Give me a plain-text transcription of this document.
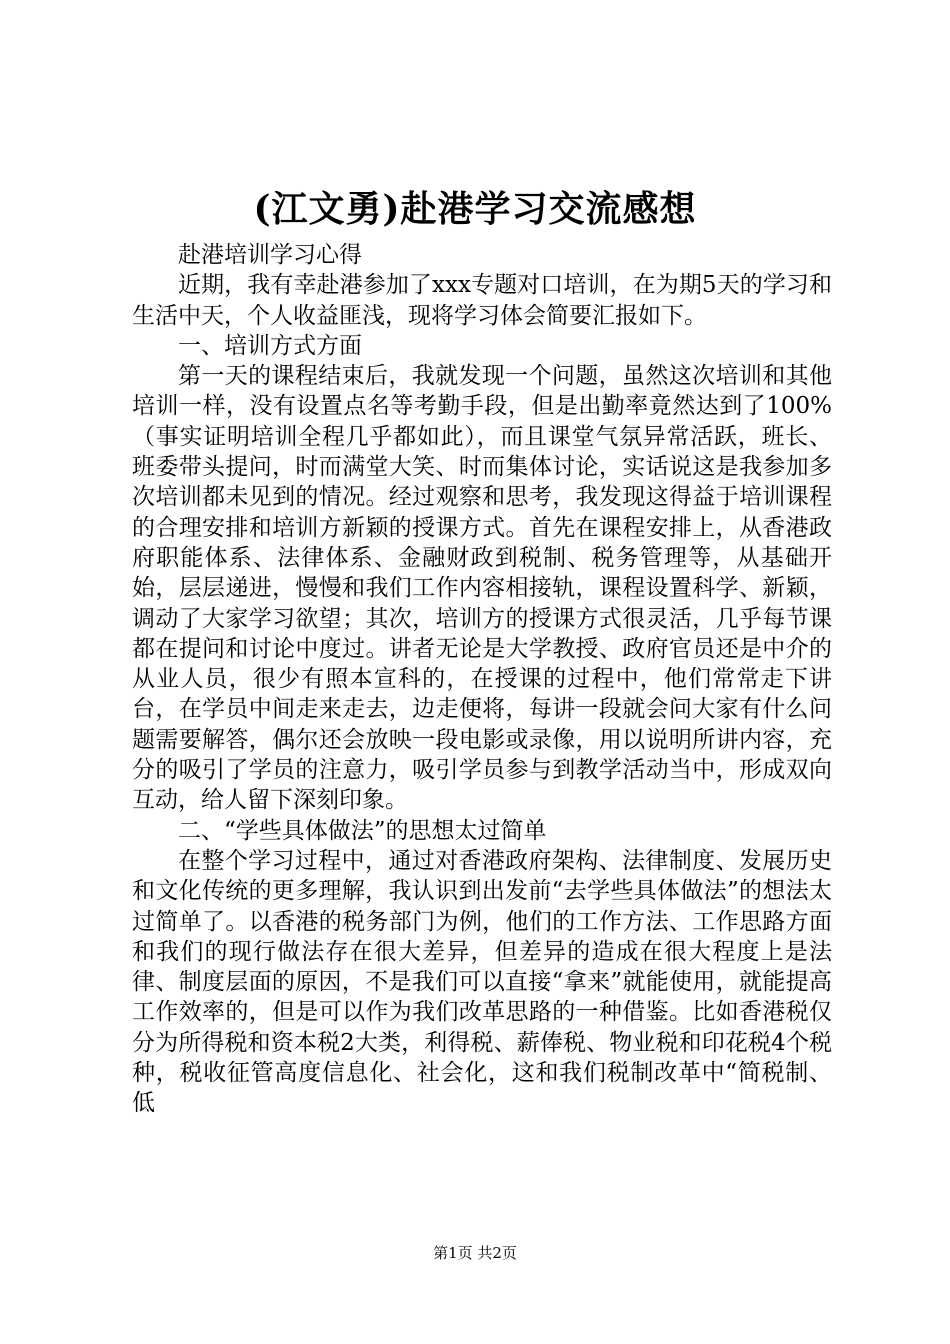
(江文勇)赴港学习交流感想

赴港培训学习心得

近期，我有幸赴港参加了xxx专题对口培训，在为期5天的学习和生活中天，个人收益匪浅，现将学习体会简要汇报如下。

一、培训方式方面

第一天的课程结束后，我就发现一个问题，虽然这次培训和其他培训一样，没有设置点名等考勤手段，但是出勤率竟然达到了100%（事实证明培训全程几乎都如此），而且课堂气氛异常活跃，班长、班委带头提问，时而满堂大笑、时而集体讨论，实话说这是我参加多次培训都未见到的情况。经过观察和思考，我发现这得益于培训课程的合理安排和培训方新颖的授课方式。首先在课程安排上，从香港政府职能体系、法律体系、金融财政到税制、税务管理等，从基础开始，层层递进，慢慢和我们工作内容相接轨，课程设置科学、新颖，调动了大家学习欲望；其次，培训方的授课方式很灵活，几乎每节课都在提问和讨论中度过。讲者无论是大学教授、政府官员还是中介的从业人员，很少有照本宣科的，在授课的过程中，他们常常走下讲台，在学员中间走来走去，边走便将，每讲一段就会问大家有什么问题需要解答，偶尔还会放映一段电影或录像，用以说明所讲内容，充分的吸引了学员的注意力，吸引学员参与到教学活动当中，形成双向互动，给人留下深刻印象。

二、“学些具体做法”的思想太过简单

在整个学习过程中，通过对香港政府架构、法律制度、发展历史和文化传统的更多理解，我认识到出发前“去学些具体做法”的想法太过简单了。以香港的税务部门为例，他们的工作方法、工作思路方面和我们的现行做法存在很大差异，但差异的造成在很大程度上是法律、制度层面的原因，不是我们可以直接“拿来”就能使用，就能提高工作效率的，但是可以作为我们改革思路的一种借鉴。比如香港税仅分为所得税和资本税2大类，利得税、薪俸税、物业税和印花税4个税种，税收征管高度信息化、社会化，这和我们税制改革中“简税制、低

第1页 共2页
